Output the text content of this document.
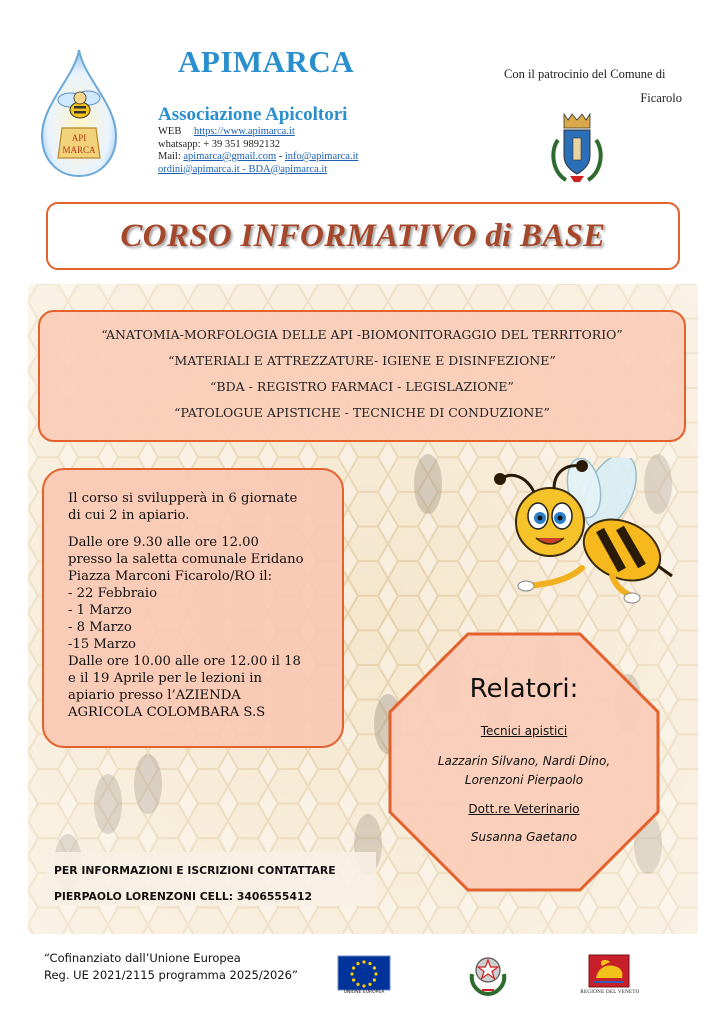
API
MARCA
APIMARCA
Associazione Apicoltori
WEB https://www.apimarca.it
whatsapp: + 39 351 9892132
Mail: apimarca@gmail.com - info@apimarca.it
ordini@apimarca.it - BDA@apimarca.it
Con il patrocinio del Comune di
Ficarolo
CORSO INFORMATIVO di BASE
“ANATOMIA-MORFOLOGIA DELLE API -BIOMONITORAGGIO DEL TERRITORIO”
“MATERIALI E ATTREZZATURE- IGIENE E DISINFEZIONE”
“BDA - REGISTRO FARMACI - LEGISLAZIONE”
“PATOLOGUE APISTICHE - TECNICHE DI CONDUZIONE”

Il corso si svilupperà in 6 giornate

di cui 2 in apiario.

Dalle ore 9.30 alle ore 12.00

presso la saletta comunale Eridano

Piazza Marconi Ficarolo/RO il:

- 22 Febbraio

- 1 Marzo

- 8 Marzo

-15 Marzo

Dalle ore 10.00 alle ore 12.00 il 18

e il 19 Aprile per le lezioni in

apiario presso l’AZIENDA

AGRICOLA COLOMBARA S.S

Relatori:
Tecnici apistici
Lazzarin Silvano, Nardi Dino,
Lorenzoni Pierpaolo
Dott.re Veterinario
Susanna Gaetano
PER INFORMAZIONI E ISCRIZIONI CONTATTARE
PIERPAOLO LORENZONI CELL: 3406555412
“Cofinanziato dall’Unione Europea
Reg. UE 2021/2115 programma 2025/2026”
UNIONE EUROPEA	REGIONE DEL VENETO
